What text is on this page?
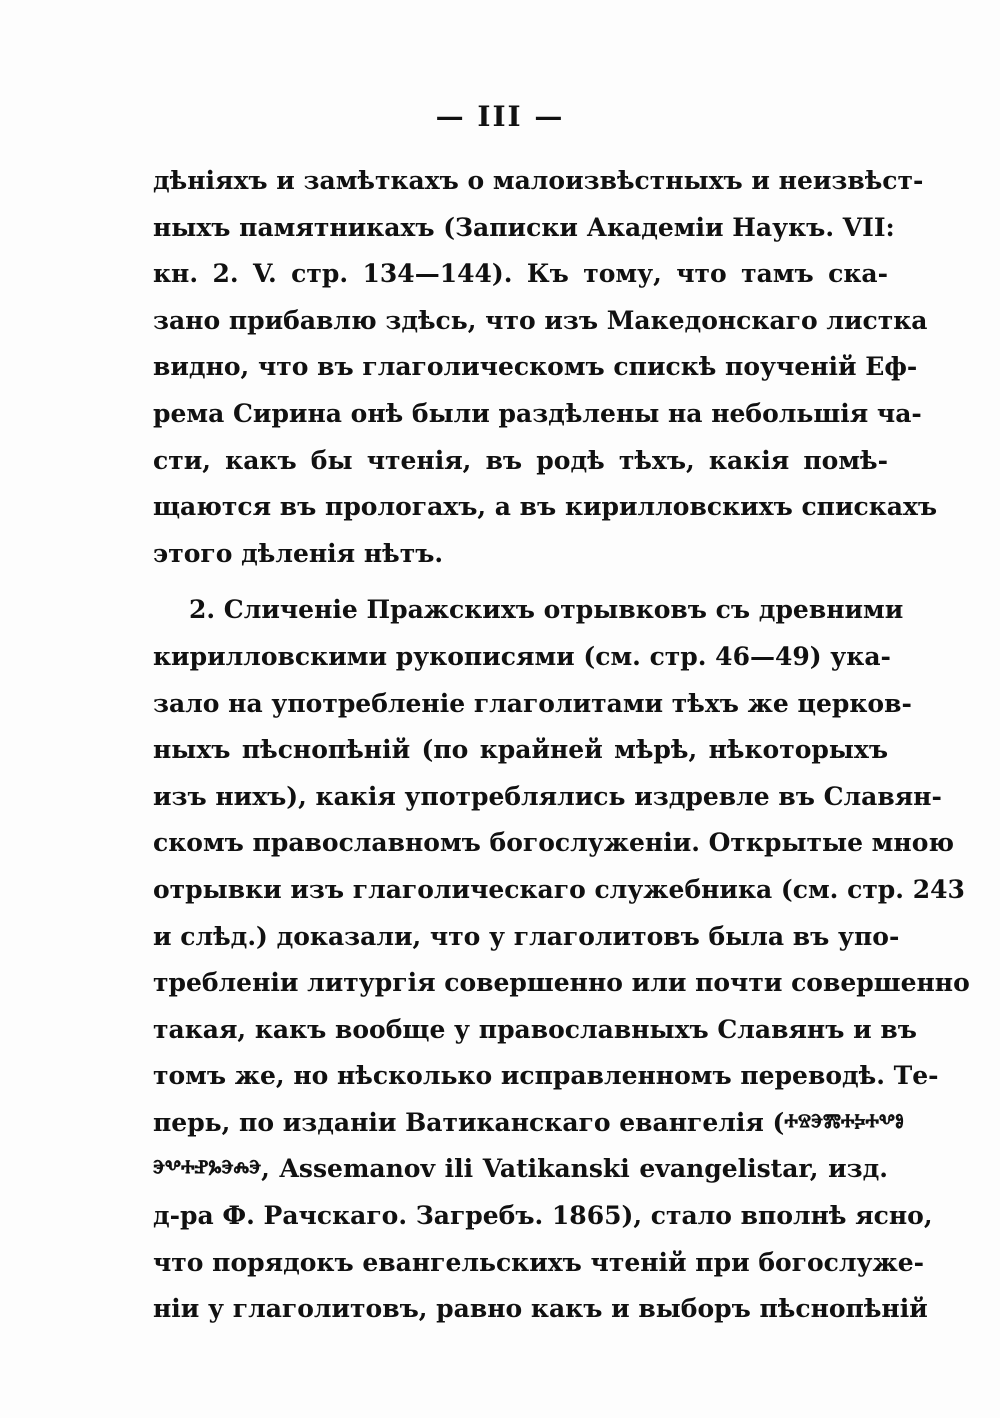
— III —
дѣніяхъ и замѣткахъ о малоизвѣстныхъ и неизвѣст-
ныхъ памятникахъ (Записки Академіи Наукъ. VII:
кн. 2. V. стр. 134—144). Къ тому, что тамъ ска-
зано прибавлю здѣсь, что изъ Македонскаго листка
видно, что въ глаголическомъ спискѣ поученій Еф-
рема Сирина онѣ были раздѣлены на небольшія ча-
сти, какъ бы чтенія, въ родѣ тѣхъ, какія помѣ-
щаются въ прологахъ, а въ кирилловскихъ спискахъ
этого дѣленія нѣтъ.
2. Сличеніе Пражскихъ отрывковъ съ древними
кирилловскими рукописями (см. стр. 46—49) ука-
зало на употребленіе глаголитами тѣхъ же церков-
ныхъ пѣснопѣній (по крайней мѣрѣ, нѣкоторыхъ
изъ нихъ), какія употреблялись издревле въ Славян-
скомъ православномъ богослуженіи. Открытые мною
отрывки изъ глаголическаго служебника (см. стр. 243
и слѣд.) доказали, что у глаголитовъ была въ упо-
требленіи литургія совершенно или почти совершенно
такая, какъ вообще у православныхъ Славянъ и въ
томъ же, но нѣсколько исправленномъ переводѣ. Те-
перь, по изданіи Ватиканскаго евангелія (ⰰⱄⰵⰿⰰⰽⰰⰲⱁ
ⰵⰲⰰⱀⰳⰵⰾⰵ, Assemanov ili Vatikanski evangelistar, изд.
д-ра Ф. Рачскаго. Загребъ. 1865), стало вполнѣ ясно,
что порядокъ евангельскихъ чтеній при богослуже-
ніи у глаголитовъ, равно какъ и выборъ пѣснопѣній
